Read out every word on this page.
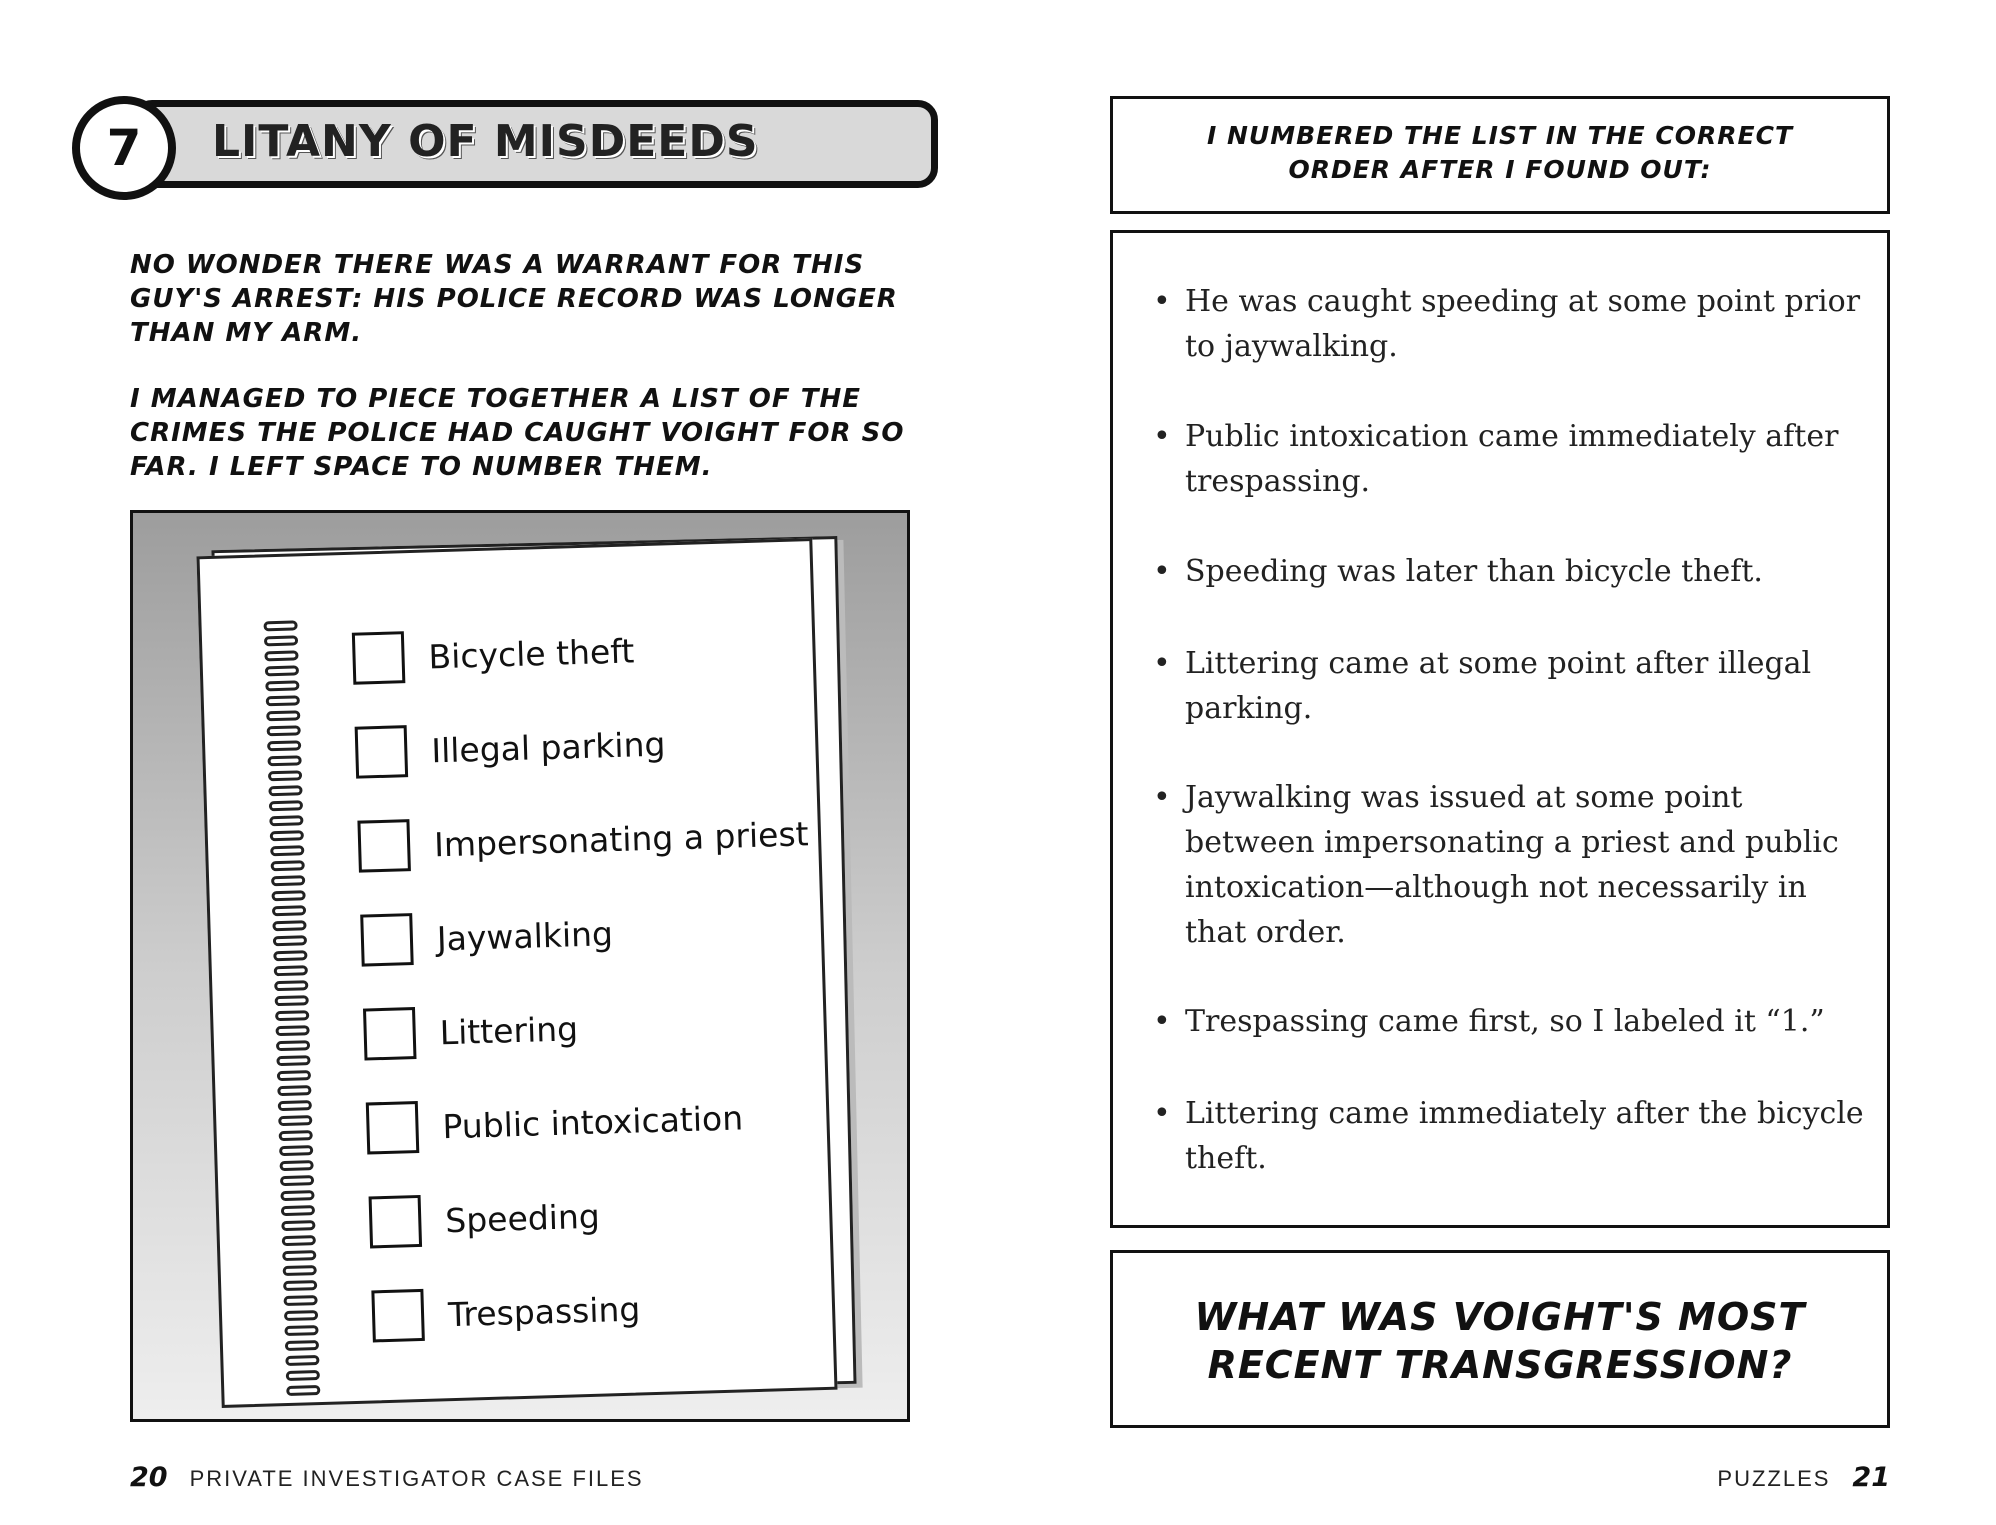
7 LITANY OF MISDEEDS
NO WONDER THERE WAS A WARRANT FOR THIS GUY'S ARREST: HIS POLICE RECORD WAS LONGER THAN MY ARM.
I MANAGED TO PIECE TOGETHER A LIST OF THE CRIMES THE POLICE HAD CAUGHT VOIGHT FOR SO FAR. I LEFT SPACE TO NUMBER THEM.
Bicycle theft
Illegal parking
Impersonating a priest
Jaywalking
Littering
Public intoxication
Speeding
Trespassing
20 PRIVATE INVESTIGATOR CASE FILES
I NUMBERED THE LIST IN THE CORRECT ORDER AFTER I FOUND OUT:
• He was caught speeding at some point prior to jaywalking.
• Public intoxication came immediately after trespassing.
• Speeding was later than bicycle theft.
• Littering came at some point after illegal parking.
• Jaywalking was issued at some point between impersonating a priest and public intoxication—although not necessarily in that order.
• Trespassing came first, so I labeled it “1.”
• Littering came immediately after the bicycle theft.
WHAT WAS VOIGHT'S MOST RECENT TRANSGRESSION?
PUZZLES 21
